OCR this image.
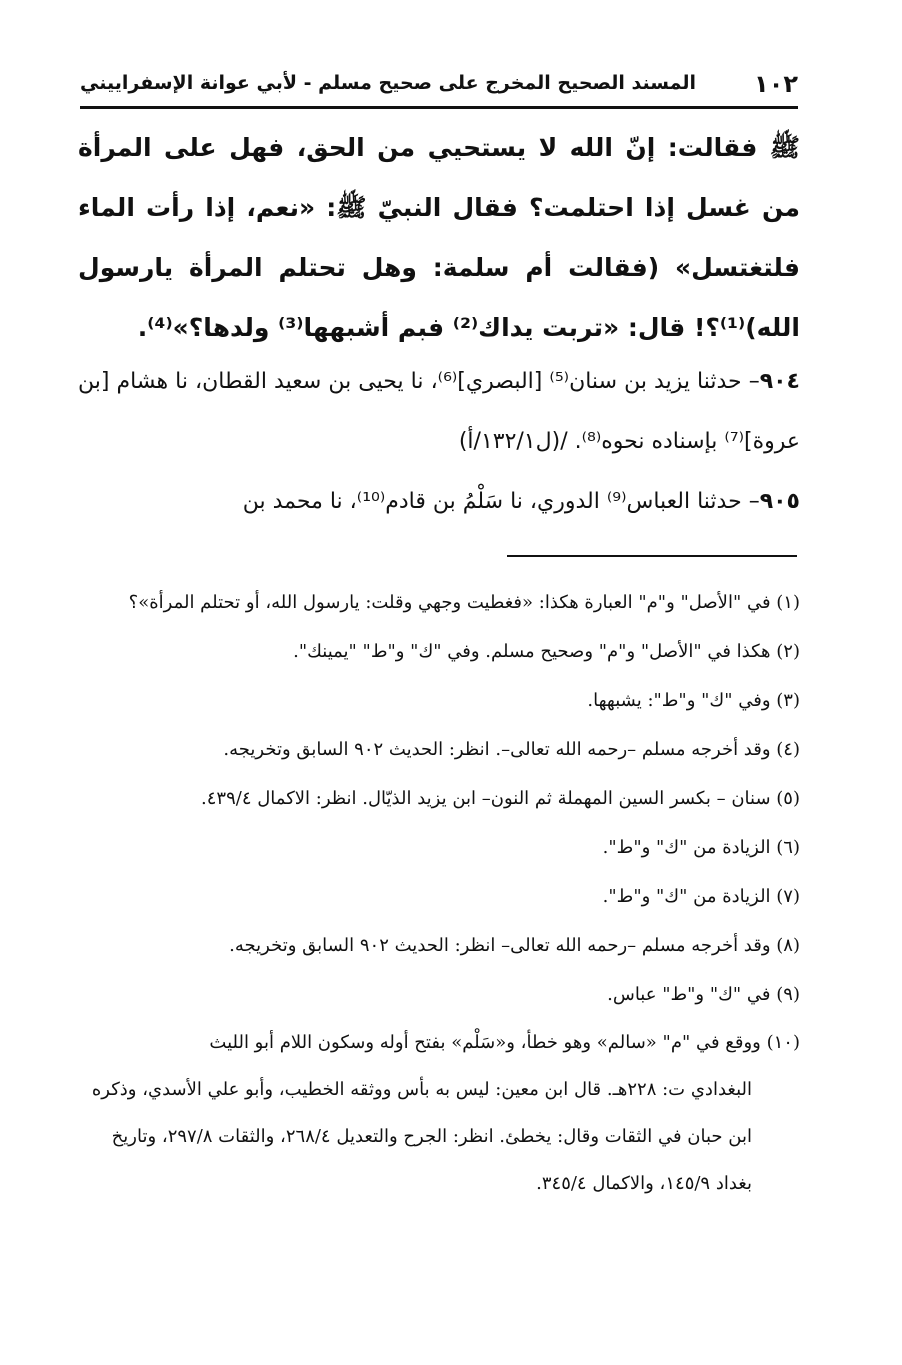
١٠٢
المسند الصحيح المخرج على صحيح مسلم - لأبي عوانة الإسفراييني

ﷺ فقالت: إنّ الله لا يستحيي من الحق، فهل على المرأة من غسل إذا احتلمت؟ فقال النبيّ ﷺ: «نعم، إذا رأت الماء فلتغتسل» (فقالت أم سلمة: وهل تحتلم المرأة يارسول الله)⁽¹⁾؟! قال: «تربت يداك⁽²⁾ فبم أشبهها⁽³⁾ ولدها؟»⁽⁴⁾.

٩٠٤– حدثنا يزيد بن سنان⁽⁵⁾ [البصري]⁽⁶⁾، نا يحيى بن سعيد القطان، نا هشام [بن عروة]⁽⁷⁾ بإسناده نحوه⁽⁸⁾. /(ل١٣٢/١/أ)
٩٠٥– حدثنا العباس⁽⁹⁾ الدوري، نا سَلْمُ بن قادم⁽¹⁰⁾، نا محمد بن

(١) في "الأصل" و"م" العبارة هكذا: «فغطيت وجهي وقلت: يارسول الله، أو تحتلم المرأة»؟

(٢) هكذا في "الأصل" و"م" وصحيح مسلم. وفي "ك" و"ط" "يمينك".

(٣) وفي "ك" و"ط": يشبهها.

(٤) وقد أخرجه مسلم –رحمه الله تعالى–. انظر: الحديث ٩٠٢ السابق وتخريجه.

(٥) سنان – بكسر السين المهملة ثم النون– ابن يزيد الذيّال. انظر: الاكمال ٤٣٩/٤.

(٦) الزيادة من "ك" و"ط".

(٧) الزيادة من "ك" و"ط".

(٨) وقد أخرجه مسلم –رحمه الله تعالى– انظر: الحديث ٩٠٢ السابق وتخريجه.

(٩) في "ك" و"ط" عباس.

(١٠) ووقع في "م" «سالم» وهو خطأ، و«سَلْم» بفتح أوله وسكون اللام أبو الليث
البغدادي ت: ٢٢٨هـ. قال ابن معين: ليس به بأس ووثقه الخطيب، وأبو علي الأسدي، وذكره ابن حبان في الثقات وقال: يخطئ. انظر: الجرح والتعديل ٢٦٨/٤، والثقات ٢٩٧/٨، وتاريخ بغداد ١٤٥/٩، والاكمال ٣٤٥/٤.
